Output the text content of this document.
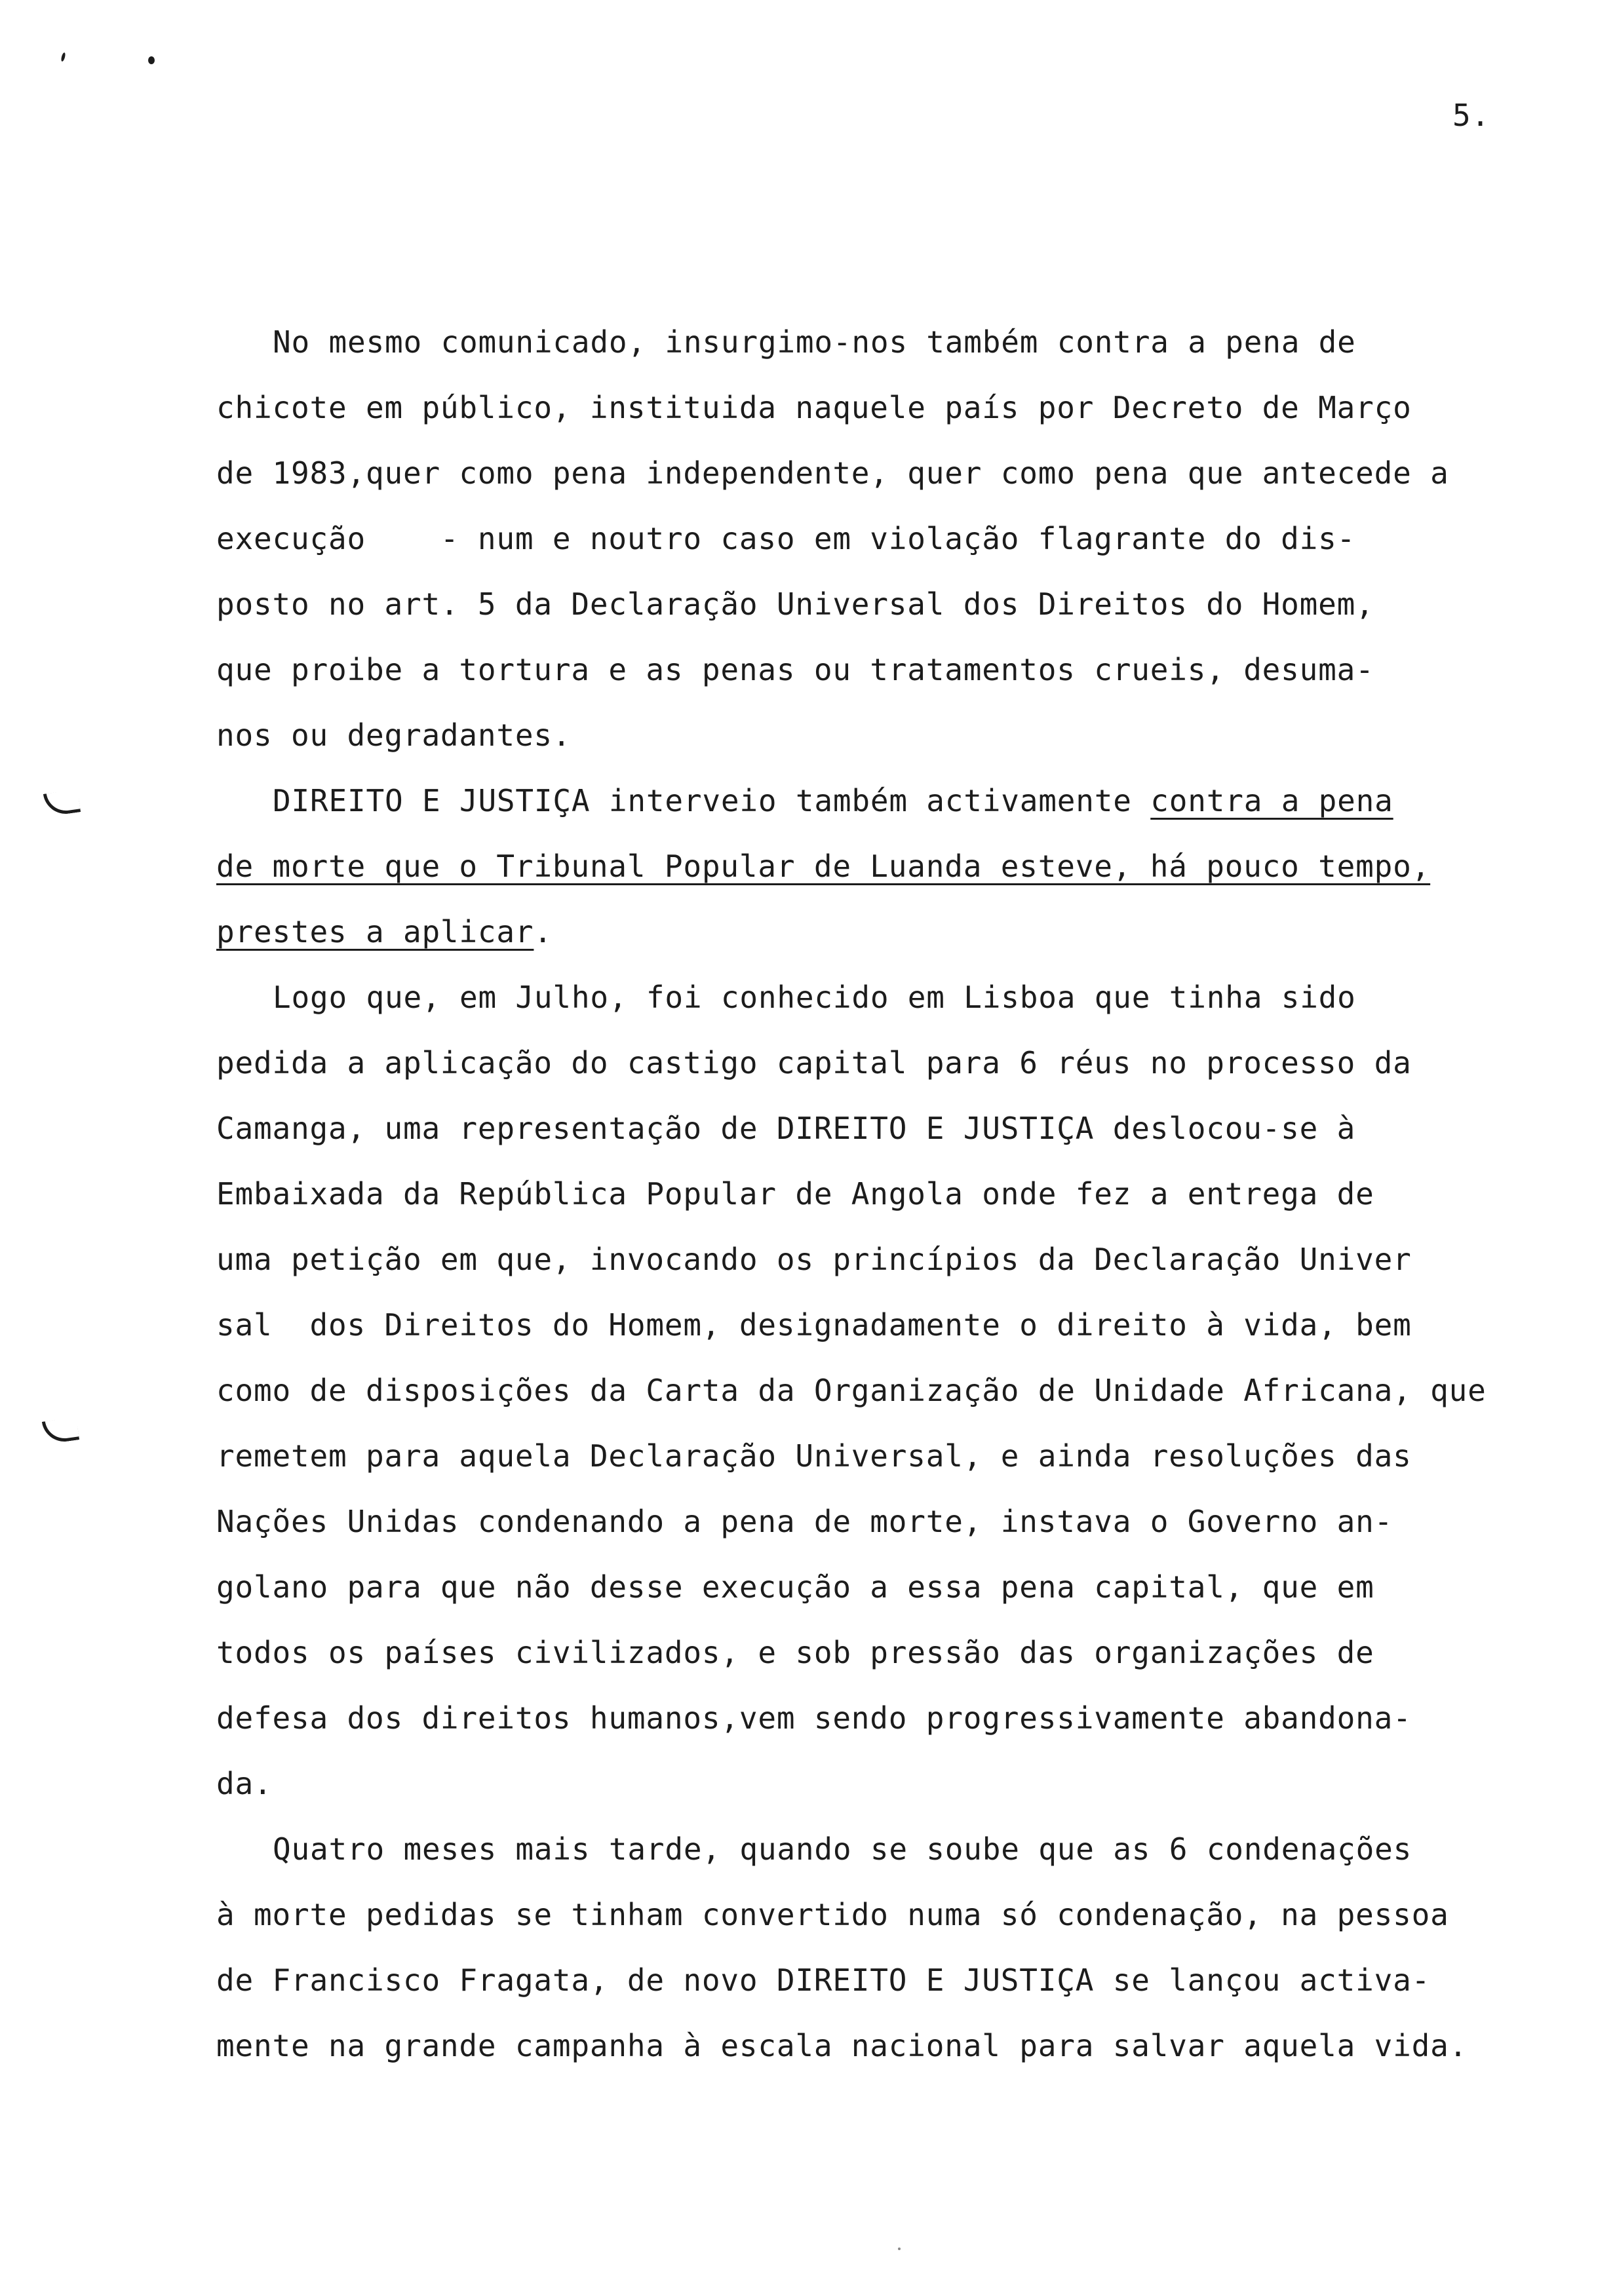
5.
No mesmo comunicado, insurgimo-nos também contra a pena de
chicote em público, instituida naquele país por Decreto de Março
de 1983,quer como pena independente, quer como pena que antecede a
execução    - num e noutro caso em violação flagrante do dis-
posto no art. 5 da Declaração Universal dos Direitos do Homem,
que proibe a tortura e as penas ou tratamentos crueis, desuma-
nos ou degradantes.
DIREITO E JUSTIÇA interveio também activamente contra a pena
de morte que o Tribunal Popular de Luanda esteve, há pouco tempo,
prestes a aplicar.
Logo que, em Julho, foi conhecido em Lisboa que tinha sido
pedida a aplicação do castigo capital para 6 réus no processo da
Camanga, uma representação de DIREITO E JUSTIÇA deslocou-se à
Embaixada da República Popular de Angola onde fez a entrega de
uma petição em que, invocando os princípios da Declaração Univer
sal  dos Direitos do Homem, designadamente o direito à vida, bem
como de disposições da Carta da Organização de Unidade Africana, que
remetem para aquela Declaração Universal, e ainda resoluções das
Nações Unidas condenando a pena de morte, instava o Governo an-
golano para que não desse execução a essa pena capital, que em
todos os países civilizados, e sob pressão das organizações de
defesa dos direitos humanos,vem sendo progressivamente abandona-
da.
Quatro meses mais tarde, quando se soube que as 6 condenações
à morte pedidas se tinham convertido numa só condenação, na pessoa
de Francisco Fragata, de novo DIREITO E JUSTIÇA se lançou activa-
mente na grande campanha à escala nacional para salvar aquela vida.
